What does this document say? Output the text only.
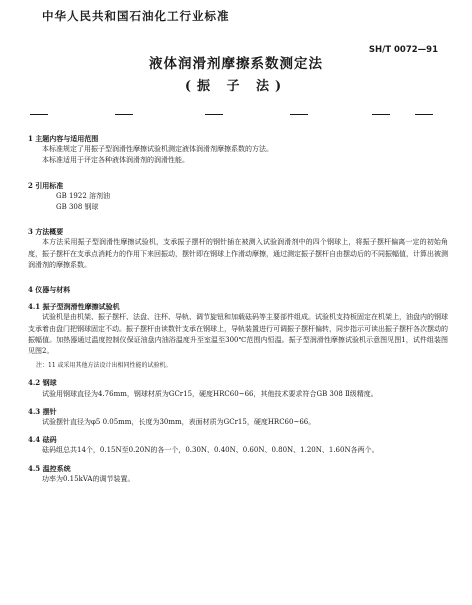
中华人民共和国石油化工行业标准
SH/T 0072—91
液体润滑剂摩擦系数测定法
(振 子 法)
1 主题内容与适用范围
本标准规定了用振子型润滑性摩擦试验机测定液体润滑剂摩擦系数的方法。
本标准适用于评定各种液体润滑剂的润滑性能。
2 引用标准
GB 1922 溶剂油
GB 308 钢球
3 方法概要
本方法采用振子型润滑性摩擦试验机，支承振子摆杆的钢针插在被测入试验润滑剂中的四个钢球上，将振子摆杆偏离一定的初始角度，振子摆杆在支承点消耗力的作用下来回振动，摆针即在钢球上作滑动摩擦，通过测定振子摆杆自由摆动后的不同振幅值，计算出被测润滑剂的摩擦系数。
4 仪器与材料
4.1 振子型润滑性摩擦试验机
试验机是由机架、振子摆杆、法盘、注杯、导轨、调节旋钮和加载砝码等主要部件组成。试验机支持板固定在机架上，油盘内的钢球支承着由盘门把钢球固定不动。振子摆杆由读数针支承在钢球上，导轨装置进行可调振子摆杆偏转，同步指示可读出振子摆杆各次摆动的振幅值。加热器通过温度控制仪保证油盘内油浴温度升至室温至300℃范围内恒温。振子型润滑性摩擦试验机示意图见图1，试件组装图见图2。
注：11 或采用其他方法设计出相同性能的试验机。
4.2 钢球
试验用钢球直径为4.76mm，钢球材质为GCr15，硬度HRC60~66，其他技术要求符合GB 308 Ⅱ级精度。
4.3 摆针
试验摆针直径为φ5 0.05mm，长度为30mm，表面材质为GCr15，硬度HRC60~66。
4.4 砝码
砝码组总共14个，0.15N至0.20N的各一个，0.30N、0.40N、0.60N、0.80N、1.20N、1.60N各两个。
4.5 温控系统
功率为0.15kVA的调节装置。
